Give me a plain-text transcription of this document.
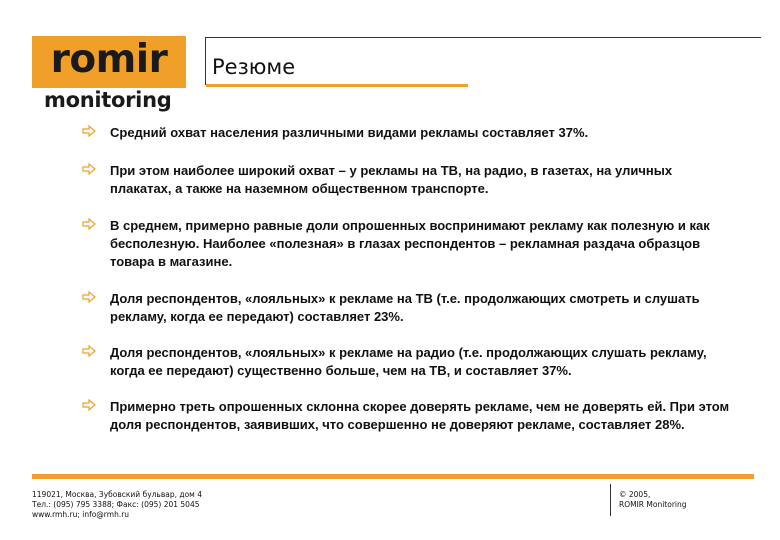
romir
monitoring
Резюме
Средний охват населения различными видами рекламы составляет 37%.
При этом наиболее широкий охват – у рекламы на ТВ, на радио, в газетах, на уличных плакатах, а также на наземном общественном транспорте.
В среднем, примерно равные доли опрошенных воспринимают рекламу как полезную и как бесполезную. Наиболее «полезная» в глазах респондентов – рекламная раздача образцов товара в магазине.
Доля респондентов, «лояльных» к рекламе на ТВ (т.е. продолжающих смотреть и слушать рекламу, когда ее передают) составляет 23%.
Доля респондентов, «лояльных» к рекламе на радио (т.е. продолжающих слушать рекламу, когда ее передают) существенно больше, чем на ТВ, и составляет 37%.
Примерно треть опрошенных склонна скорее доверять рекламе, чем не доверять ей. При этом доля респондентов, заявивших, что совершенно не доверяют рекламе, составляет 28%.
119021, Москва, Зубовский бульвар, дом 4
Тел.: (095) 795 3388; Факс: (095) 201 5045
www.rmh.ru; info@rmh.ru
© 2005,
ROMIR Monitoring
